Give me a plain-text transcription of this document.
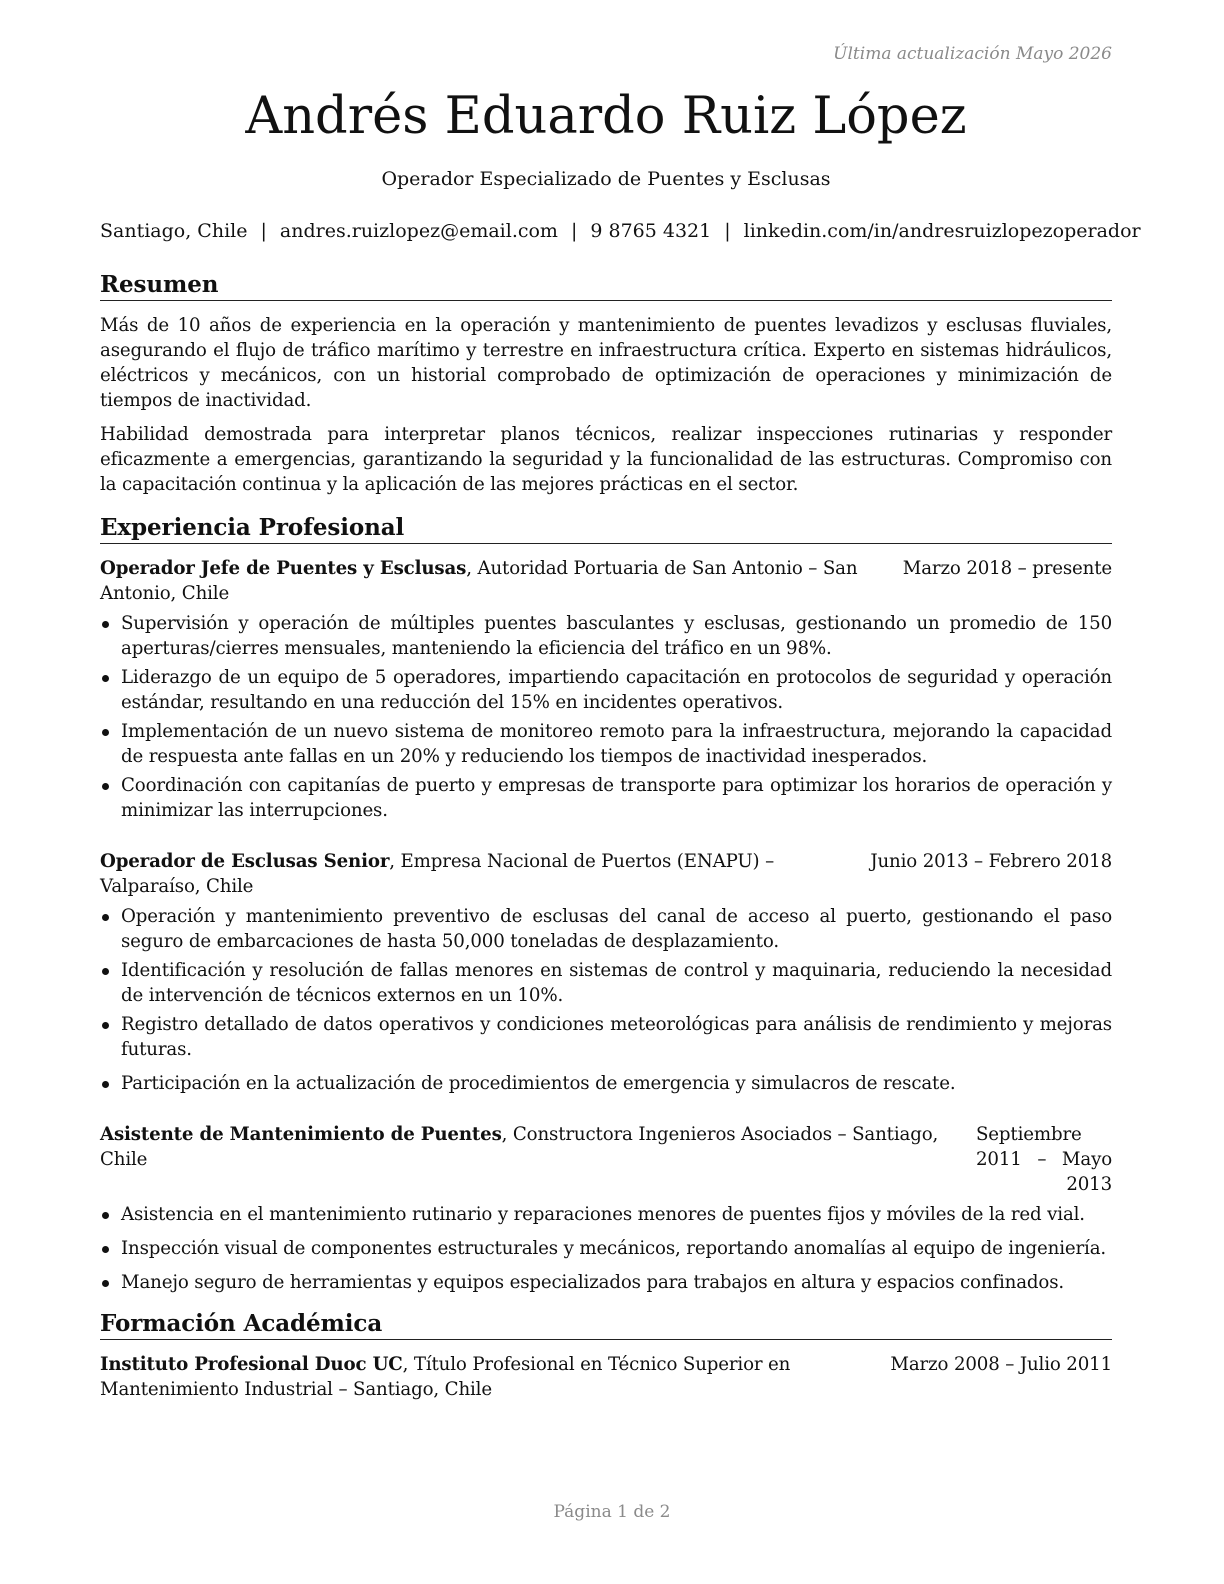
Última actualización Mayo 2026
Andrés Eduardo Ruiz López
Operador Especializado de Puentes y Esclusas
Santiago, Chile | andres.ruizlopez@email.com | 9 8765 4321 | linkedin.com/in/andresruizlopezoperador
Resumen

Más de 10 años de experiencia en la operación y mantenimiento de puentes levadizos y esclusas fluviales, asegurando el flujo de tráfico marítimo y terrestre en infraestructura crítica. Experto en sistemas hidráulicos, eléctricos y mecánicos, con un historial comprobado de optimización de operaciones y minimización de tiempos de inactividad.

Habilidad demostrada para interpretar planos técnicos, realizar inspecciones rutinarias y responder eficazmente a emergencias, garantizando la seguridad y la funcionalidad de las estructuras. Compromiso con la capacitación continua y la aplicación de las mejores prácticas en el sector.

Experiencia Profesional
Operador Jefe de Puentes y Esclusas, Autoridad Portuaria de San Antonio – San Antonio, Chile
Marzo 2018 – presente
Supervisión y operación de múltiples puentes basculantes y esclusas, gestionando un promedio de 150 aperturas/cierres mensuales, manteniendo la eficiencia del tráfico en un 98%.
Liderazgo de un equipo de 5 operadores, impartiendo capacitación en protocolos de seguridad y operación estándar, resultando en una reducción del 15% en incidentes operativos.
Implementación de un nuevo sistema de monitoreo remoto para la infraestructura, mejorando la capacidad de respuesta ante fallas en un 20% y reduciendo los tiempos de inactividad inesperados.
Coordinación con capitanías de puerto y empresas de transporte para optimizar los horarios de operación y minimizar las interrupciones.
Operador de Esclusas Senior, Empresa Nacional de Puertos (ENAPU) – Valparaíso, Chile
Junio 2013 – Febrero 2018
Operación y mantenimiento preventivo de esclusas del canal de acceso al puerto, gestionando el paso seguro de embarcaciones de hasta 50,000 toneladas de desplazamiento.
Identificación y resolución de fallas menores en sistemas de control y maquinaria, reduciendo la necesidad de intervención de técnicos externos en un 10%.
Registro detallado de datos operativos y condiciones meteorológicas para análisis de rendimiento y mejoras futuras.
Participación en la actualización de procedimientos de emergencia y simulacros de rescate.
Asistente de Mantenimiento de Puentes, Constructora Ingenieros Asociados – Santiago, Chile
Septiembre 2011 – Mayo 2013
Asistencia en el mantenimiento rutinario y reparaciones menores de puentes fijos y móviles de la red vial.
Inspección visual de componentes estructurales y mecánicos, reportando anomalías al equipo de ingeniería.
Manejo seguro de herramientas y equipos especializados para trabajos en altura y espacios confinados.
Formación Académica
Instituto Profesional Duoc UC, Título Profesional en Técnico Superior en Mantenimiento Industrial – Santiago, Chile
Marzo 2008 – Julio 2011
Página 1 de 2
